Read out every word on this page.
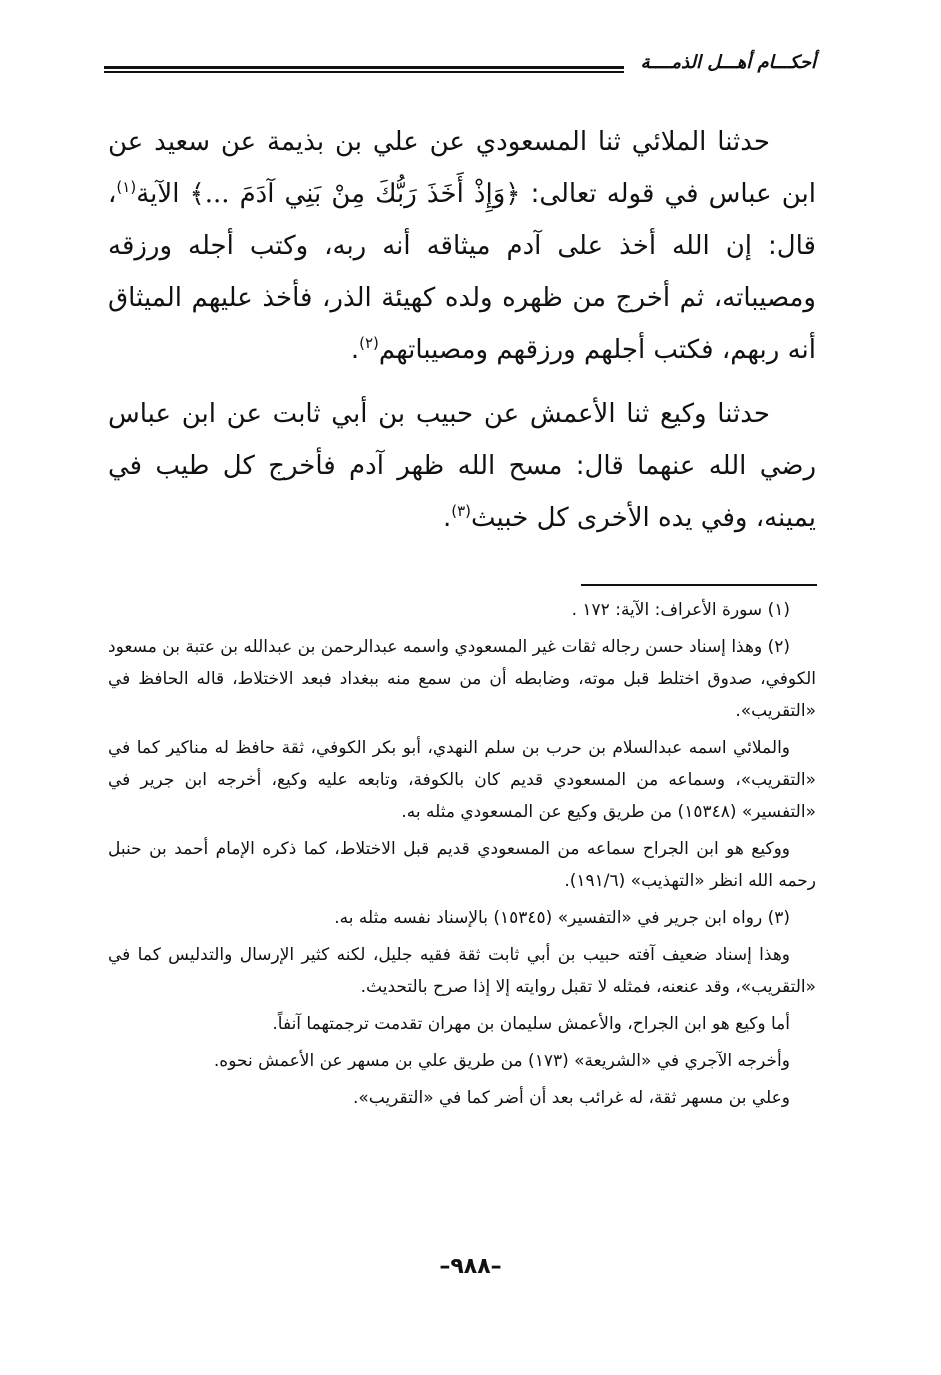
أحكـــام أهـــل الذمــــة

حدثنا الملائي ثنا المسعودي عن علي بن بذيمة عن سعيد عن ابن عباس في قوله تعالى: ﴿وَإِذْ أَخَذَ رَبُّكَ مِنْ بَنِي آدَمَ ...﴾ الآية$^{(١)}$، قال: إن الله أخذ على آدم ميثاقه أنه ربه، وكتب أجله ورزقه ومصيباته، ثم أخرج من ظهره ولده كهيئة الذر، فأخذ عليهم الميثاق أنه ربهم، فكتب أجلهم ورزقهم ومصيباتهم$^{(٢)}$.

حدثنا وكيع ثنا الأعمش عن حبيب بن أبي ثابت عن ابن عباس رضي الله عنهما قال: مسح الله ظهر آدم فأخرج كل طيب في يمينه، وفي يده الأخرى كل خبيث$^{(٣)}$.

(١) سورة الأعراف: الآية: ١٧٢ .

(٢) وهذا إسناد حسن رجاله ثقات غير المسعودي واسمه عبدالرحمن بن عبدالله بن عتبة بن مسعود الكوفي، صدوق اختلط قبل موته، وضابطه أن من سمع منه ببغداد فبعد الاختلاط، قاله الحافظ في «التقريب».

والملائي اسمه عبدالسلام بن حرب بن سلم النهدي، أبو بكر الكوفي، ثقة حافظ له مناكير كما في «التقريب»، وسماعه من المسعودي قديم كان بالكوفة، وتابعه عليه وكيع، أخرجه ابن جرير في «التفسير» (١٥٣٤٨) من طريق وكيع عن المسعودي مثله به.

ووكيع هو ابن الجراح سماعه من المسعودي قديم قبل الاختلاط، كما ذكره الإمام أحمد بن حنبل رحمه الله انظر «التهذيب» (١٩١/٦).

(٣) رواه ابن جرير في «التفسير» (١٥٣٤٥) بالإسناد نفسه مثله به.

وهذا إسناد ضعيف آفته حبيب بن أبي ثابت ثقة فقيه جليل، لكنه كثير الإرسال والتدليس كما في «التقريب»، وقد عنعنه، فمثله لا تقبل روايته إلا إذا صرح بالتحديث.

أما وكيع هو ابن الجراح، والأعمش سليمان بن مهران تقدمت ترجمتهما آنفاً.

وأخرجه الآجري في «الشريعة» (١٧٣) من طريق علي بن مسهر عن الأعمش نحوه.

وعلي بن مسهر ثقة، له غرائب بعد أن أضر كما في «التقريب».

–٩٨٨–
